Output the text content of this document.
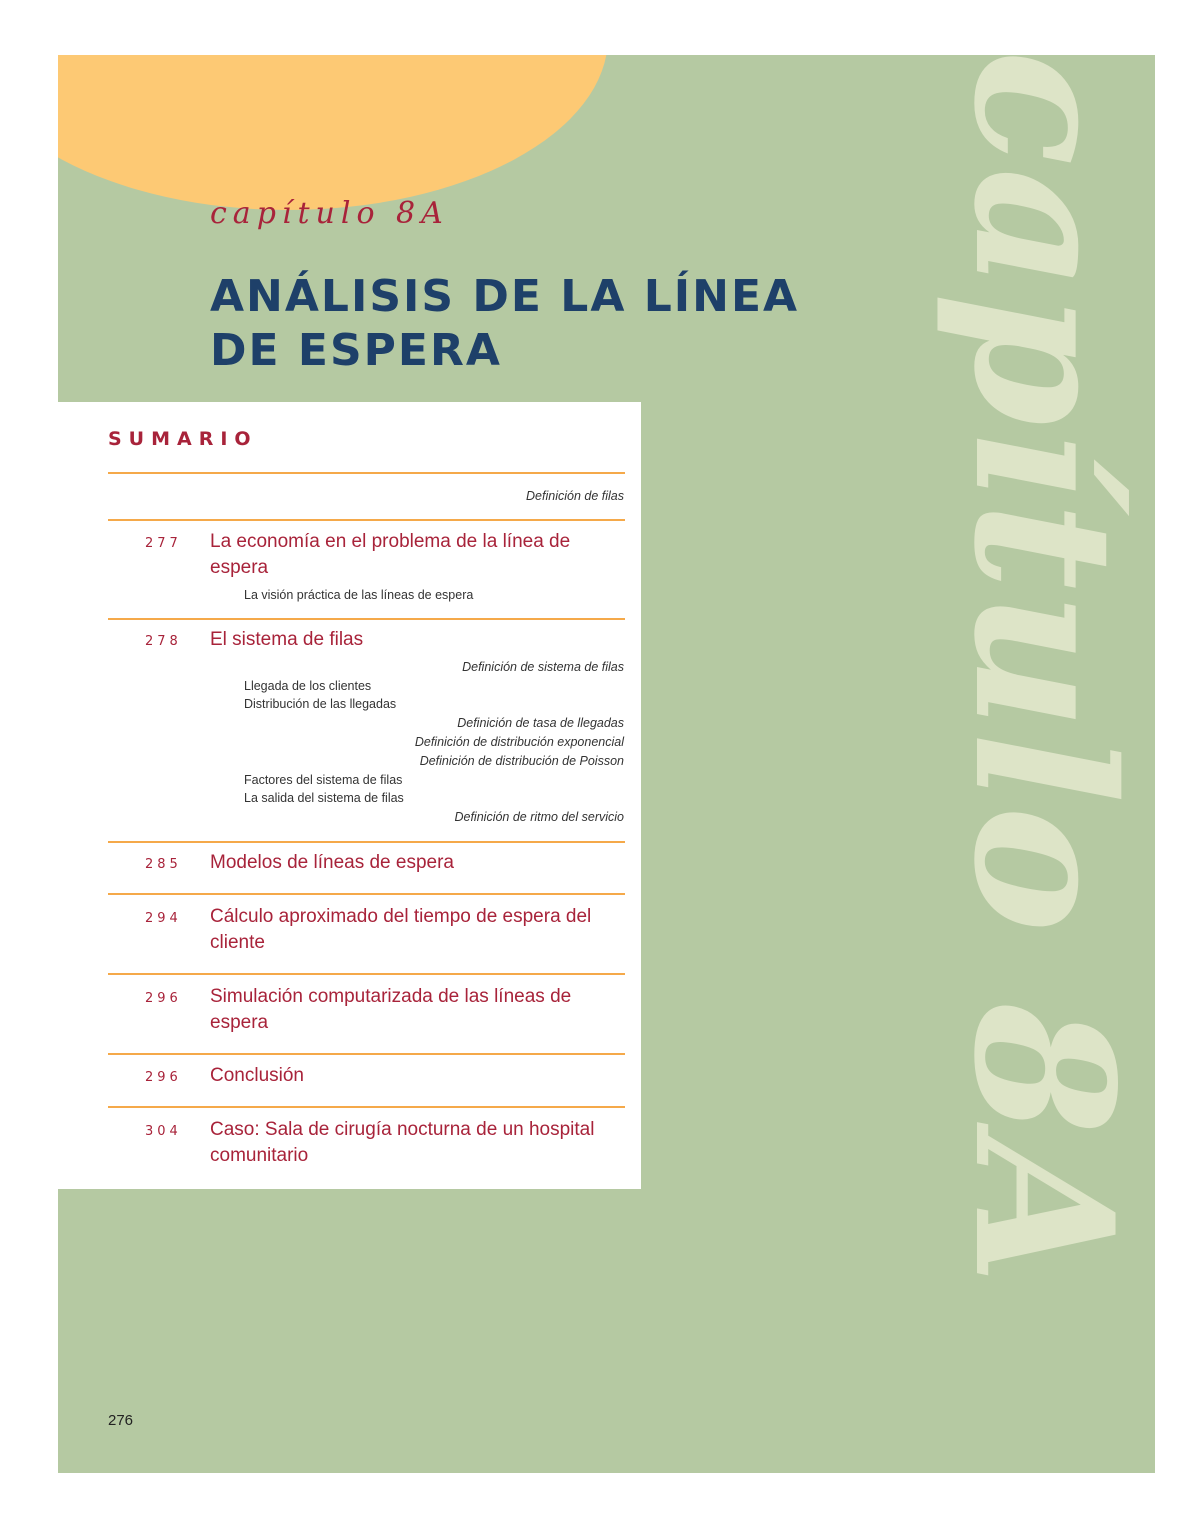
capítulo 8A
capítulo 8A
ANÁLISIS DE LA LÍNEA
DE ESPERA
SUMARIO
Definición de filas
277 La economía en el problema de la línea de espera
La visión práctica de las líneas de espera
278 El sistema de filas
Definición de sistema de filas
Llegada de los clientes
Distribución de las llegadas
Definición de tasa de llegadas
Definición de distribución exponencial
Definición de distribución de Poisson
Factores del sistema de filas
La salida del sistema de filas
Definición de ritmo del servicio
285 Modelos de líneas de espera
294 Cálculo aproximado del tiempo de espera del cliente
296 Simulación computarizada de las líneas de espera
296 Conclusión
304 Caso: Sala de cirugía nocturna de un hospital comunitario
276
